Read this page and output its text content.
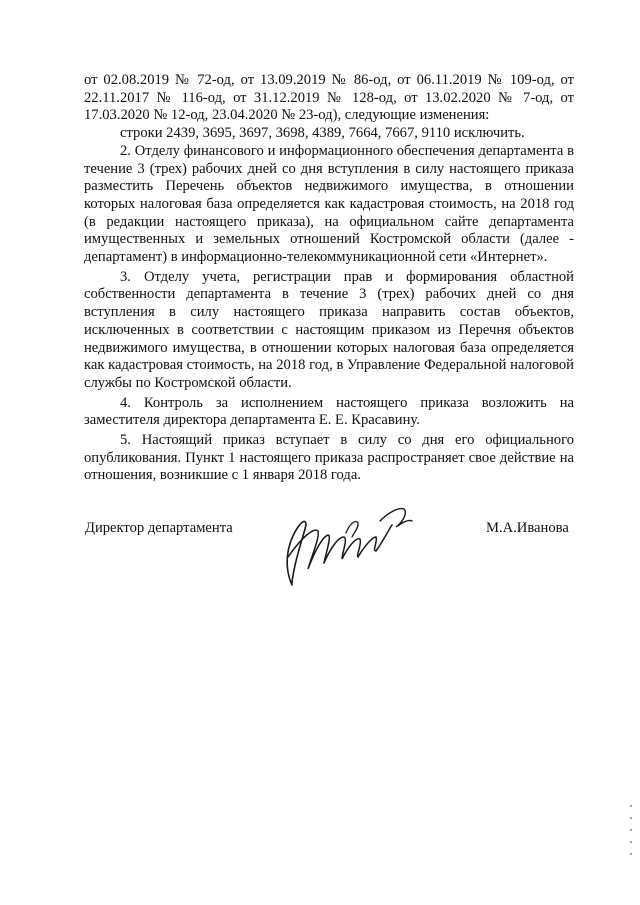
от 02.08.2019 № 72-од, от 13.09.2019 № 86-од, от 06.11.2019 № 109-од, от 22.11.2017 № 116-од, от 31.12.2019 № 128-од, от 13.02.2020 № 7-од, от 17.03.2020 № 12-од, 23.04.2020 № 23-од), следующие изменения:

строки 2439, 3695, 3697, 3698, 4389, 7664, 7667, 9110 исключить.

2. Отделу финансового и информационного обеспечения департамента в течение 3 (трех) рабочих дней со дня вступления в силу настоящего приказа разместить Перечень объектов недвижимого имущества, в отношении которых налоговая база определяется как кадастровая стоимость, на 2018 год (в редакции настоящего приказа), на официальном сайте департамента имущественных и земельных отношений Костромской области (далее - департамент) в информационно-телекоммуникационной сети «Интернет».

3. Отделу учета, регистрации прав и формирования областной собственности департамента в течение 3 (трех) рабочих дней со дня вступления в силу настоящего приказа направить состав объектов, исключенных в соответствии с настоящим приказом из Перечня объектов недвижимого имущества, в отношении которых налоговая база определяется как кадастровая стоимость, на 2018 год, в Управление Федеральной налоговой службы по Костромской области.

4. Контроль за исполнением настоящего приказа возложить на заместителя директора департамента Е. Е. Красавину.

5. Настоящий приказ вступает в силу со дня его официального опубликования. Пункт 1 настоящего приказа распространяет свое действие на отношения, возникшие с 1 января 2018 года.

Директор департамента	М.А.Иванова
